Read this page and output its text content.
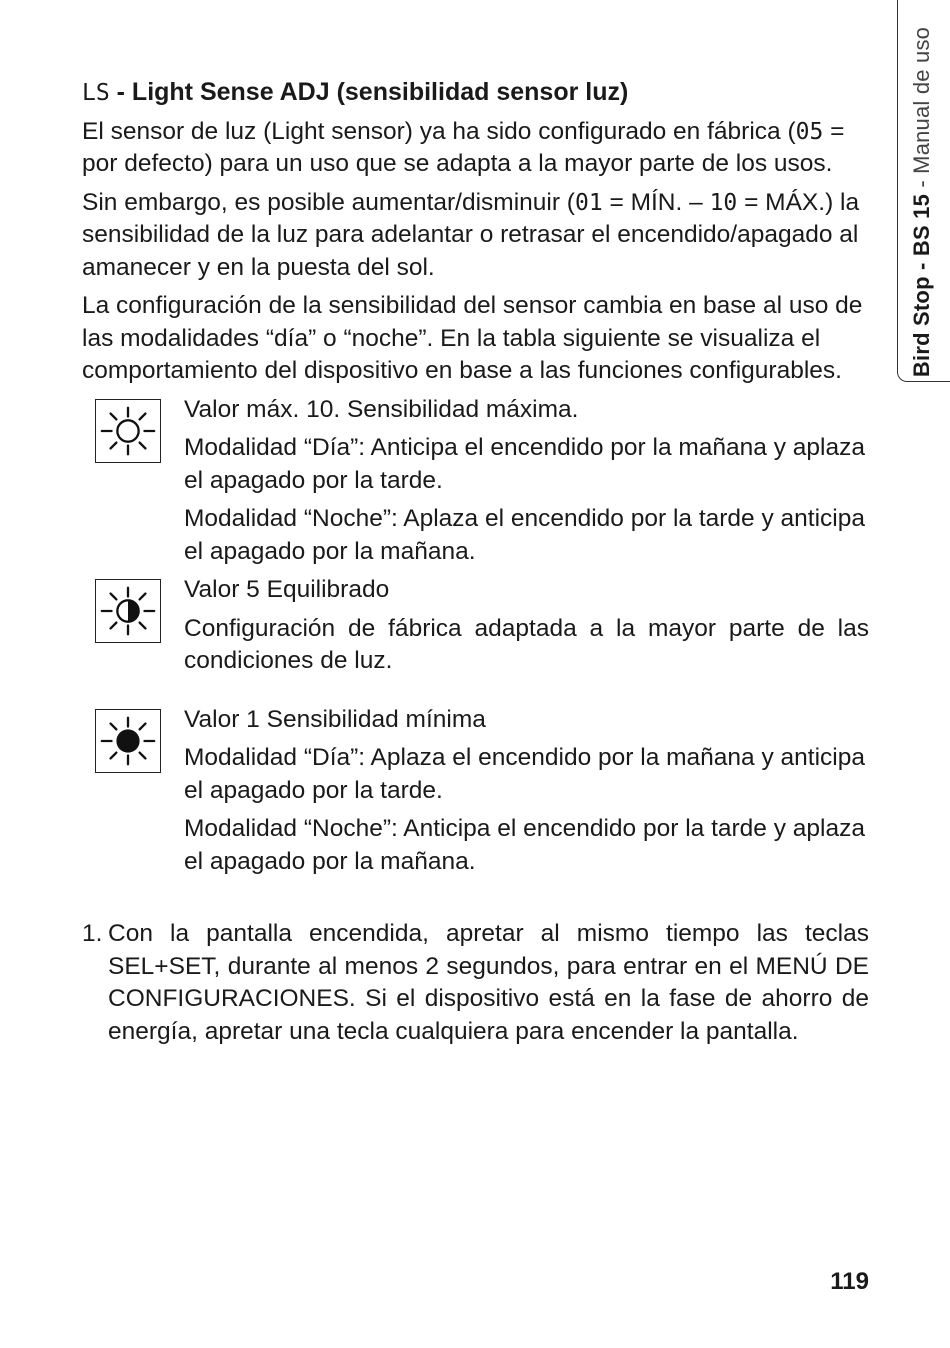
Bird Stop - BS 15 - Manual de uso
LS - Light Sense ADJ (sensibilidad sensor luz)

El sensor de luz (Light sensor) ya ha sido configurado en fábrica (05 = por defecto) para un uso que se adapta a la mayor parte de los usos.

Sin embargo, es posible aumentar/disminuir (01 = MÍN. – 10 = MÁX.) la sensibilidad de la luz para adelantar o retrasar el encendido/apagado al amanecer y en la puesta del sol.

La configuración de la sensibilidad del sensor cambia en base al uso de las modalidades “día” o “noche”. En la tabla siguiente se visualiza el comportamiento del dispositivo en base a las funciones configurables.

Valor máx. 10. Sensibilidad máxima.

Modalidad “Día”: Anticipa el encendido por la mañana y aplaza el apagado por la tarde.

Modalidad “Noche”: Aplaza el encendido por la tarde y anticipa el apagado por la mañana.

Valor 5 Equilibrado

Configuración de fábrica adaptada a la mayor parte de las condiciones de luz.

Valor 1 Sensibilidad mínima

Modalidad “Día”: Aplaza el encendido por la mañana y anticipa el apagado por la tarde.

Modalidad “Noche”: Anticipa el encendido por la tarde y aplaza el apagado por la mañana.

1. Con la pantalla encendida, apretar al mismo tiempo las teclas SEL+SET, durante al menos 2 segundos, para entrar en el MENÚ DE CONFIGURACIONES. Si el dispositivo está en la fase de ahorro de energía, apretar una tecla cualquiera para encender la pantalla.
119
